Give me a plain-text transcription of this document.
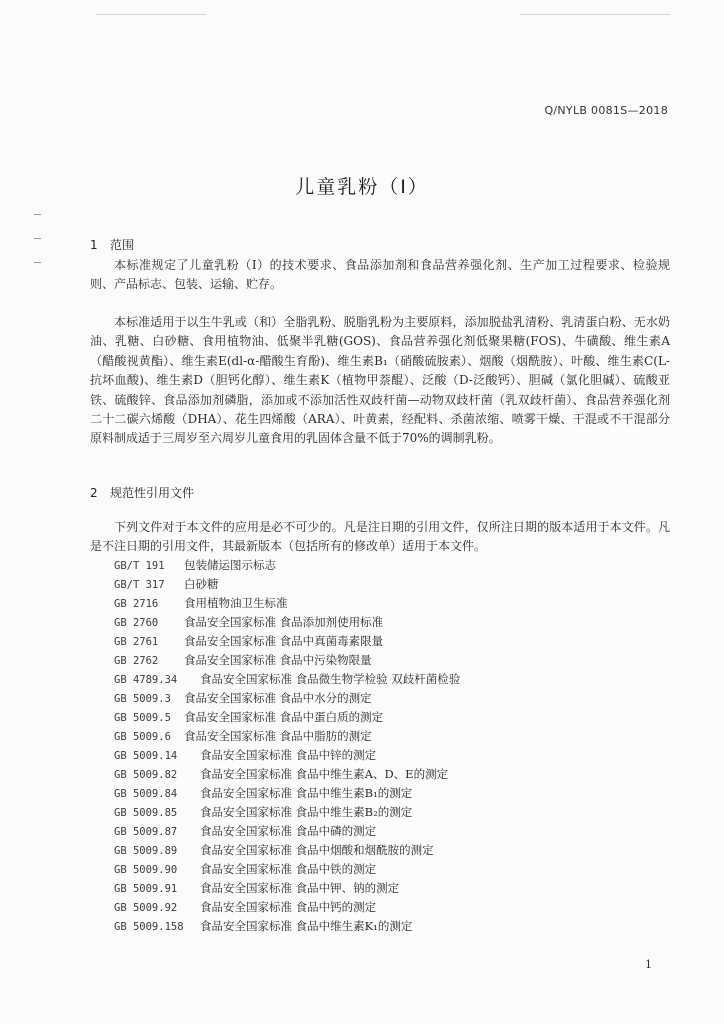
Q/NYLB 0081S—2018
儿童乳粉（Ⅰ）
1 范围

本标准规定了儿童乳粉（Ⅰ）的技术要求、食品添加剂和食品营养强化剂、生产加工过程要求、检验规则、产品标志、包装、运输、贮存。

本标准适用于以生牛乳或（和）全脂乳粉、脱脂乳粉为主要原料，添加脱盐乳清粉、乳清蛋白粉、无水奶油、乳糖、白砂糖、食用植物油、低聚半乳糖(GOS)、食品营养强化剂低聚果糖(FOS)、牛磺酸、维生素A（醋酸视黄酯）、维生素E(dl-α-醋酸生育酚)、维生素B₁（硝酸硫胺素）、烟酸（烟酰胺）、叶酸、维生素C(L-抗坏血酸)、维生素D（胆钙化醇）、维生素K（植物甲萘醌）、泛酸（D-泛酸钙）、胆碱（氯化胆碱）、硫酸亚铁、硫酸锌、食品添加剂磷脂，添加或不添加活性双歧杆菌—动物双歧杆菌（乳双歧杆菌）、食品营养强化剂二十二碳六烯酸（DHA）、花生四烯酸（ARA）、叶黄素，经配料、杀菌浓缩、喷雾干燥、干混或不干混部分原料制成适于三周岁至六周岁儿童食用的乳固体含量不低于70%的调制乳粉。

2 规范性引用文件

下列文件对于本文件的应用是必不可少的。凡是注日期的引用文件，仅所注日期的版本适用于本文件。凡是不注日期的引用文件，其最新版本（包括所有的修改单）适用于本文件。

GB/T 191 包装储运图示标志
GB/T 317 白砂糖
GB 2716 食用植物油卫生标准
GB 2760 食品安全国家标准 食品添加剂使用标准
GB 2761 食品安全国家标准 食品中真菌毒素限量
GB 2762 食品安全国家标准 食品中污染物限量
GB 4789.34 食品安全国家标准 食品微生物学检验 双歧杆菌检验
GB 5009.3 食品安全国家标准 食品中水分的测定
GB 5009.5 食品安全国家标准 食品中蛋白质的测定
GB 5009.6 食品安全国家标准 食品中脂肪的测定
GB 5009.14 食品安全国家标准 食品中锌的测定
GB 5009.82 食品安全国家标准 食品中维生素A、D、E的测定
GB 5009.84 食品安全国家标准 食品中维生素B₁的测定
GB 5009.85 食品安全国家标准 食品中维生素B₂的测定
GB 5009.87 食品安全国家标准 食品中磷的测定
GB 5009.89 食品安全国家标准 食品中烟酸和烟酰胺的测定
GB 5009.90 食品安全国家标准 食品中铁的测定
GB 5009.91 食品安全国家标准 食品中钾、钠的测定
GB 5009.92 食品安全国家标准 食品中钙的测定
GB 5009.158 食品安全国家标准 食品中维生素K₁的测定
1
